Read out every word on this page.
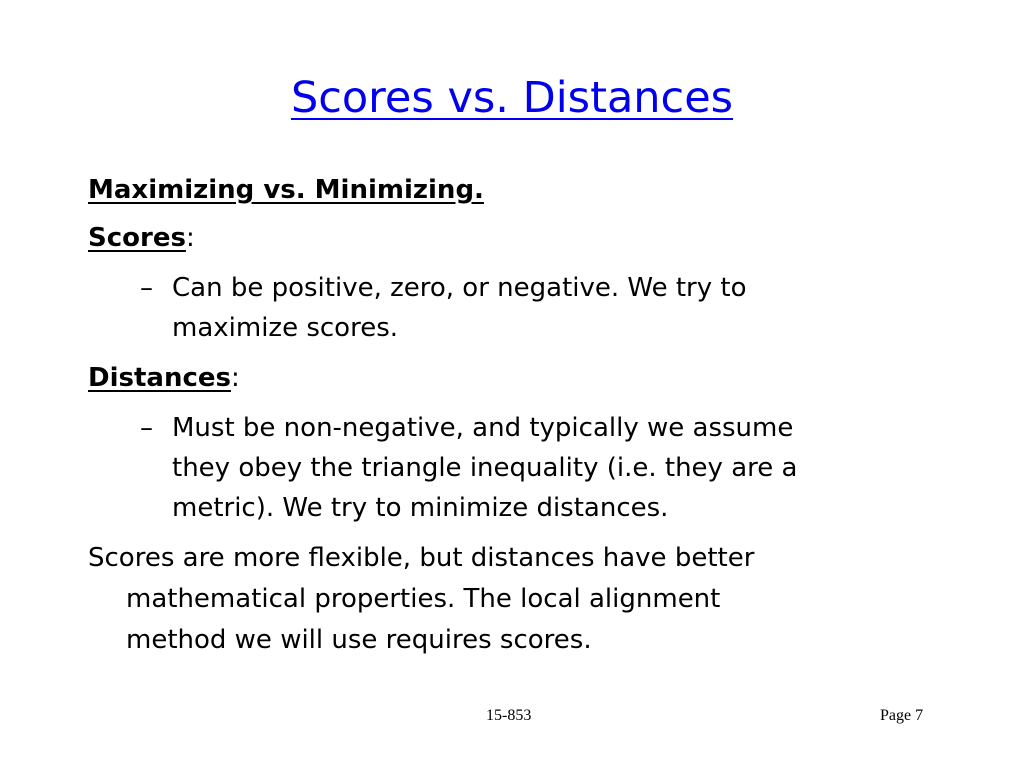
Scores vs. Distances
Maximizing vs. Minimizing.
Scores:
– Can be positive, zero, or negative. We try to
maximize scores.
Distances:
– Must be non-negative, and typically we assume
they obey the triangle inequality (i.e. they are a
metric). We try to minimize distances.
Scores are more flexible, but distances have better
mathematical properties. The local alignment
method we will use requires scores.
15-853	Page 7
